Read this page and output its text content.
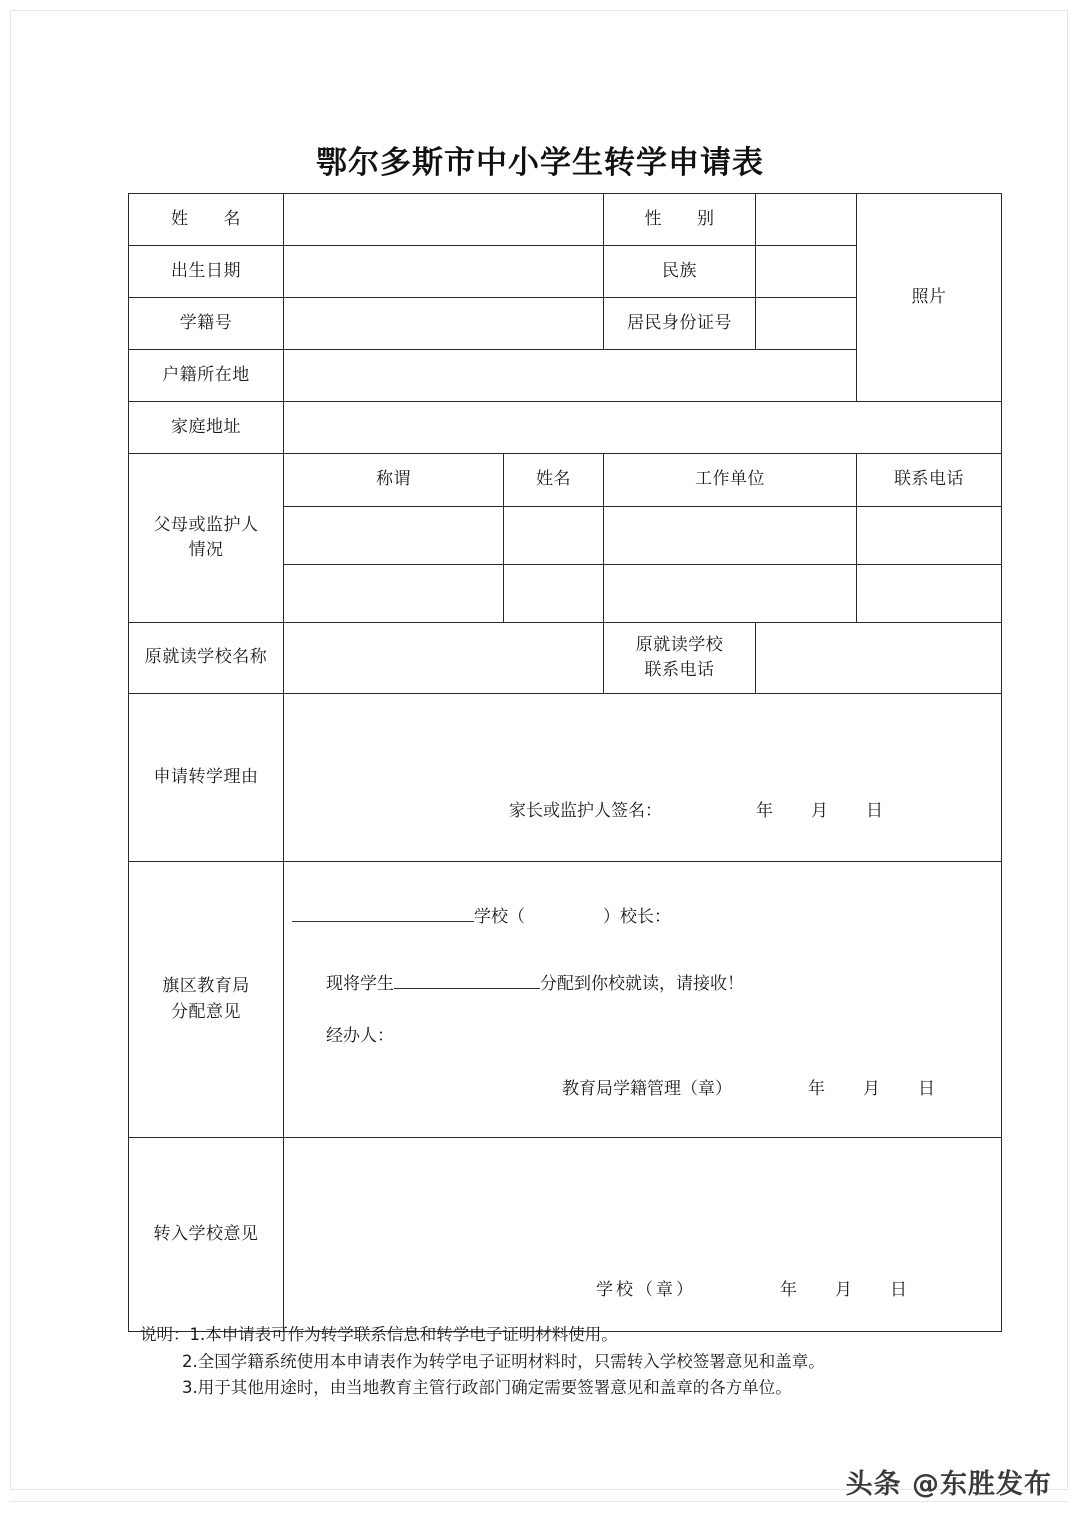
鄂尔多斯市中小学生转学申请表
姓　　名			性　　别		照片
出生日期			民族		
学籍号			居民身份证号		
户籍所在地					
家庭地址					

父母或监护人
情况	称谓	姓名	工作单位		联系电话

原就读学校名称			原就读学校
联系电话		

申请转学理由	家长或监护人签名： 年 月 日				

旗区教育局
分配意见

学校（	）校长：
现将学生	分配到你校就读，请接收！
经办人：
教育局学籍管理（章）	年 月 日

转入学校意见	学校（章） 年 月 日				
说明：1.本申请表可作为转学联系信息和转学电子证明材料使用。
2.全国学籍系统使用本申请表作为转学电子证明材料时，只需转入学校签署意见和盖章。
3.用于其他用途时，由当地教育主管行政部门确定需要签署意见和盖章的各方单位。
头条 @东胜发布
